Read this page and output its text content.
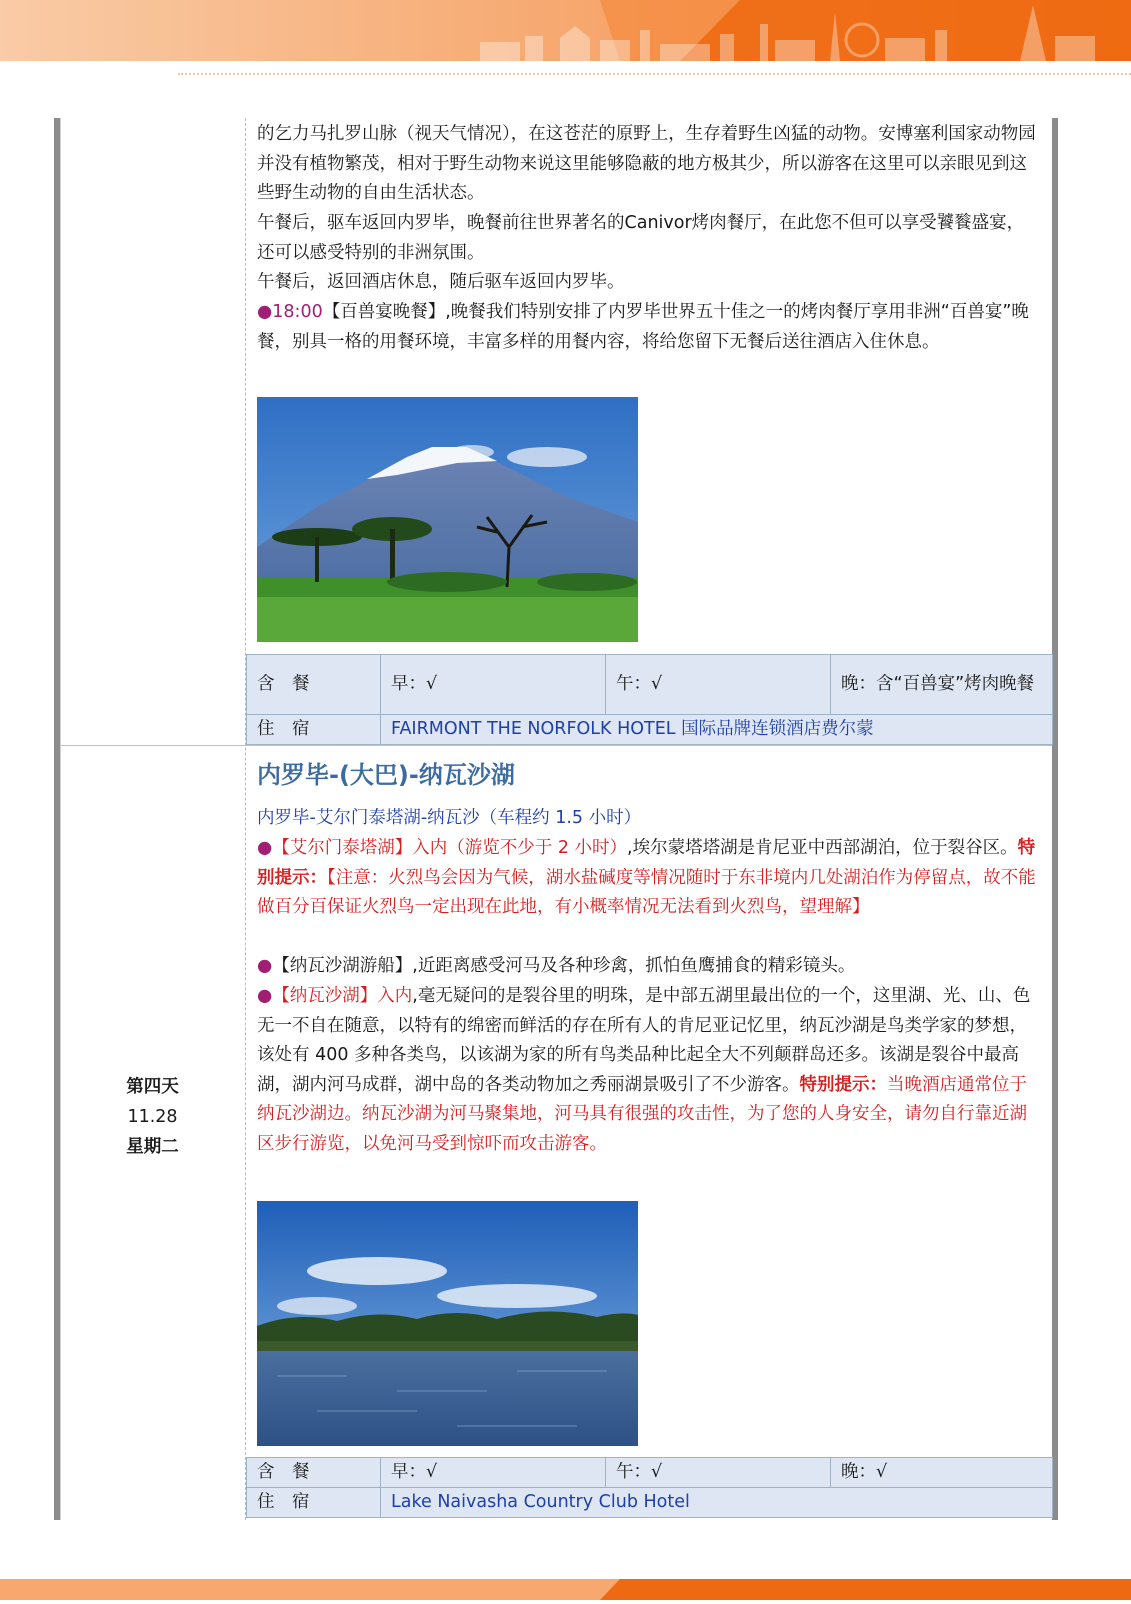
的乞力马扎罗山脉（视天气情况），在这苍茫的原野上，生存着野生凶猛的动物。安博塞利国家动物园并没有植物繁茂，相对于野生动物来说这里能够隐蔽的地方极其少，所以游客在这里可以亲眼见到这些野生动物的自由生活状态。
午餐后，驱车返回内罗毕，晚餐前往世界著名的Canivor烤肉餐厅，在此您不但可以享受饕餮盛宴，还可以感受特别的非洲氛围。
午餐后，返回酒店休息，随后驱车返回内罗毕。
●18:00【百兽宴晚餐】,晚餐我们特别安排了内罗毕世界五十佳之一的烤肉餐厅享用非洲“百兽宴”晚餐，别具一格的用餐环境，丰富多样的用餐内容，将给您留下无餐后送往酒店入住休息。
含　餐	早：√	午：√	晚：含“百兽宴”烤肉晚餐
住　宿	FAIRMONT THE NORFOLK HOTEL 国际品牌连锁酒店费尔蒙		
第四天
11.28
星期二
内罗毕-(大巴)-纳瓦沙湖
内罗毕-艾尔门泰塔湖-纳瓦沙（车程约 1.5 小时）
●【艾尔门泰塔湖】入内（游览不少于 2 小时）,埃尔蒙塔塔湖是肯尼亚中西部湖泊，位于裂谷区。特别提示：【注意：火烈鸟会因为气候，湖水盐碱度等情况随时于东非境内几处湖泊作为停留点，故不能做百分百保证火烈鸟一定出现在此地，有小概率情况无法看到火烈鸟，望理解】
●【纳瓦沙湖游船】,近距离感受河马及各种珍禽，抓怕鱼鹰捕食的精彩镜头。
●【纳瓦沙湖】入内,毫无疑问的是裂谷里的明珠，是中部五湖里最出位的一个，这里湖、光、山、色无一不自在随意，以特有的绵密而鲜活的存在所有人的肯尼亚记忆里，纳瓦沙湖是鸟类学家的梦想，该处有 400 多种各类鸟，以该湖为家的所有鸟类品种比起全大不列颠群岛还多。该湖是裂谷中最高湖，湖内河马成群，湖中岛的各类动物加之秀丽湖景吸引了不少游客。特别提示：当晚酒店通常位于纳瓦沙湖边。纳瓦沙湖为河马聚集地，河马具有很强的攻击性，为了您的人身安全，请勿自行靠近湖区步行游览，以免河马受到惊吓而攻击游客。
含　餐	早：√	午：√	晚：√
住　宿	Lake Naivasha Country Club Hotel		
